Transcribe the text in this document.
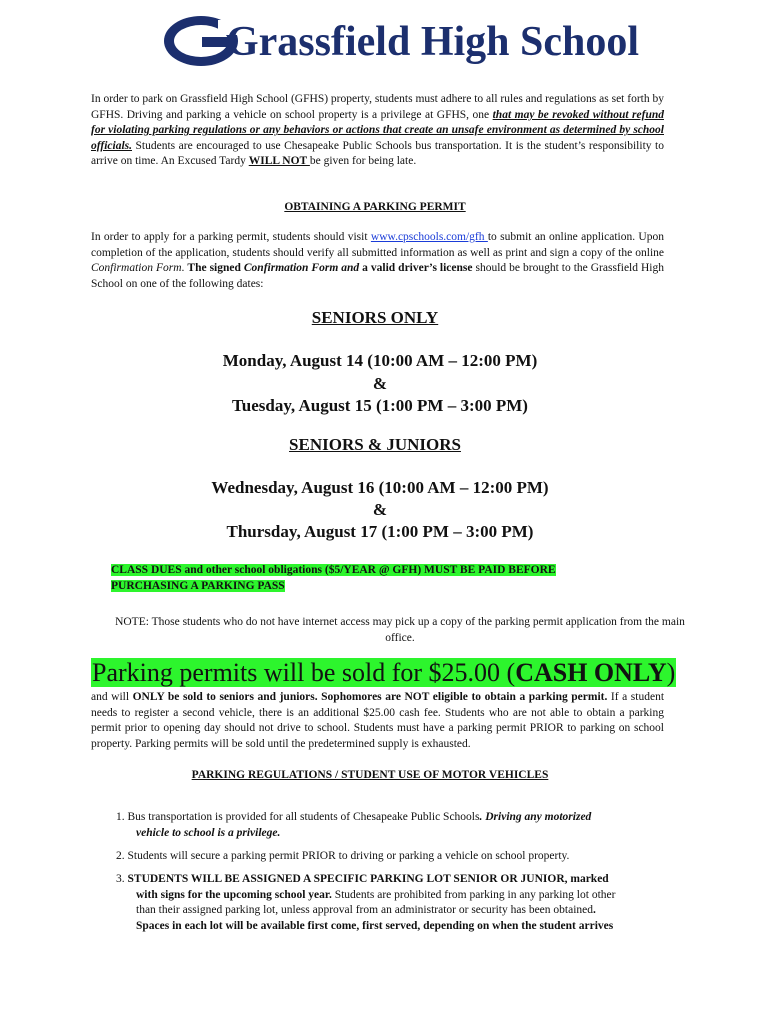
Grassfield High School

In order to park on Grassfield High School (GFHS) property, students must adhere to all rules and regulations as set forth by GFHS. Driving and parking a vehicle on school property is a privilege at GFHS, one that may be revoked without refund for violating parking regulations or any behaviors or actions that create an unsafe environment as determined by school officials. Students are encouraged to use Chesapeake Public Schools bus transportation. It is the student’s responsibility to arrive on time. An Excused Tardy WILL NOT be given for being late.

OBTAINING A PARKING PERMIT

In order to apply for a parking permit, students should visit www.cpschools.com/gfh to submit an online application. Upon completion of the application, students should verify all submitted information as well as print and sign a copy of the online Confirmation Form. The signed Confirmation Form and a valid driver’s license should be brought to the Grassfield High School on one of the following dates:

SENIORS ONLY

Monday, August 14 (10:00 AM – 12:00 PM)

&

Tuesday, August 15 (1:00 PM – 3:00 PM)

SENIORS & JUNIORS

Wednesday, August 16 (10:00 AM – 12:00 PM)

&

Thursday, August 17 (1:00 PM – 3:00 PM)

CLASS DUES and other school obligations ($5/YEAR @ GFH) MUST BE PAID BEFORE
PURCHASING A PARKING PASS

NOTE: Those students who do not have internet access may pick up a copy of the parking permit application from the main office.

Parking permits will be sold for $25.00 (CASH ONLY)

and will ONLY be sold to seniors and juniors. Sophomores are NOT eligible to obtain a parking permit. If a student needs to register a second vehicle, there is an additional $25.00 cash fee. Students who are not able to obtain a parking permit prior to opening day should not drive to school. Students must have a parking permit PRIOR to parking on school property. Parking permits will be sold until the predetermined supply is exhausted.

PARKING REGULATIONS / STUDENT USE OF MOTOR VEHICLES

1. Bus transportation is provided for all students of Chesapeake Public Schools. Driving any motorized
vehicle to school is a privilege.
2. Students will secure a parking permit PRIOR to driving or parking a vehicle on school property.
3. STUDENTS WILL BE ASSIGNED A SPECIFIC PARKING LOT SENIOR OR JUNIOR, marked
with signs for the upcoming school year. Students are prohibited from parking in any parking lot other
than their assigned parking lot, unless approval from an administrator or security has been obtained.
Spaces in each lot will be available first come, first served, depending on when the student arrives
